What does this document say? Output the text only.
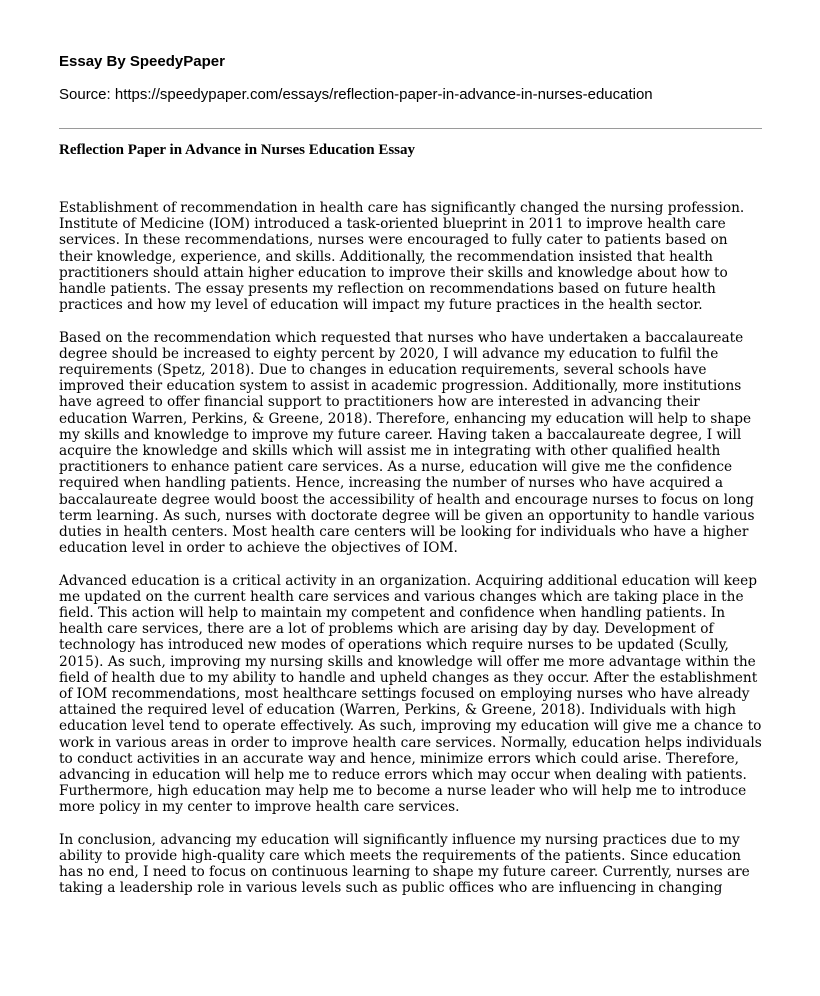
Essay By SpeedyPaper

Source: https://speedypaper.com/essays/reflection-paper-in-advance-in-nurses-education

Reflection Paper in Advance in Nurses Education Essay

Establishment of recommendation in health care has significantly changed the nursing profession.
Institute of Medicine (IOM) introduced a task-oriented blueprint in 2011 to improve health care
services. In these recommendations, nurses were encouraged to fully cater to patients based on
their knowledge, experience, and skills. Additionally, the recommendation insisted that health
practitioners should attain higher education to improve their skills and knowledge about how to
handle patients. The essay presents my reflection on recommendations based on future health
practices and how my level of education will impact my future practices in the health sector.

Based on the recommendation which requested that nurses who have undertaken a baccalaureate
degree should be increased to eighty percent by 2020, I will advance my education to fulfil the
requirements (Spetz, 2018). Due to changes in education requirements, several schools have
improved their education system to assist in academic progression. Additionally, more institutions
have agreed to offer financial support to practitioners how are interested in advancing their
education Warren, Perkins, & Greene, 2018). Therefore, enhancing my education will help to shape
my skills and knowledge to improve my future career. Having taken a baccalaureate degree, I will
acquire the knowledge and skills which will assist me in integrating with other qualified health
practitioners to enhance patient care services. As a nurse, education will give me the confidence
required when handling patients. Hence, increasing the number of nurses who have acquired a
baccalaureate degree would boost the accessibility of health and encourage nurses to focus on long
term learning. As such, nurses with doctorate degree will be given an opportunity to handle various
duties in health centers. Most health care centers will be looking for individuals who have a higher
education level in order to achieve the objectives of IOM.

Advanced education is a critical activity in an organization. Acquiring additional education will keep
me updated on the current health care services and various changes which are taking place in the
field. This action will help to maintain my competent and confidence when handling patients. In
health care services, there are a lot of problems which are arising day by day. Development of
technology has introduced new modes of operations which require nurses to be updated (Scully,
2015). As such, improving my nursing skills and knowledge will offer me more advantage within the
field of health due to my ability to handle and upheld changes as they occur. After the establishment
of IOM recommendations, most healthcare settings focused on employing nurses who have already
attained the required level of education (Warren, Perkins, & Greene, 2018). Individuals with high
education level tend to operate effectively. As such, improving my education will give me a chance to
work in various areas in order to improve health care services. Normally, education helps individuals
to conduct activities in an accurate way and hence, minimize errors which could arise. Therefore,
advancing in education will help me to reduce errors which may occur when dealing with patients.
Furthermore, high education may help me to become a nurse leader who will help me to introduce
more policy in my center to improve health care services.

In conclusion, advancing my education will significantly influence my nursing practices due to my
ability to provide high-quality care which meets the requirements of the patients. Since education
has no end, I need to focus on continuous learning to shape my future career. Currently, nurses are
taking a leadership role in various levels such as public offices who are influencing in changing
